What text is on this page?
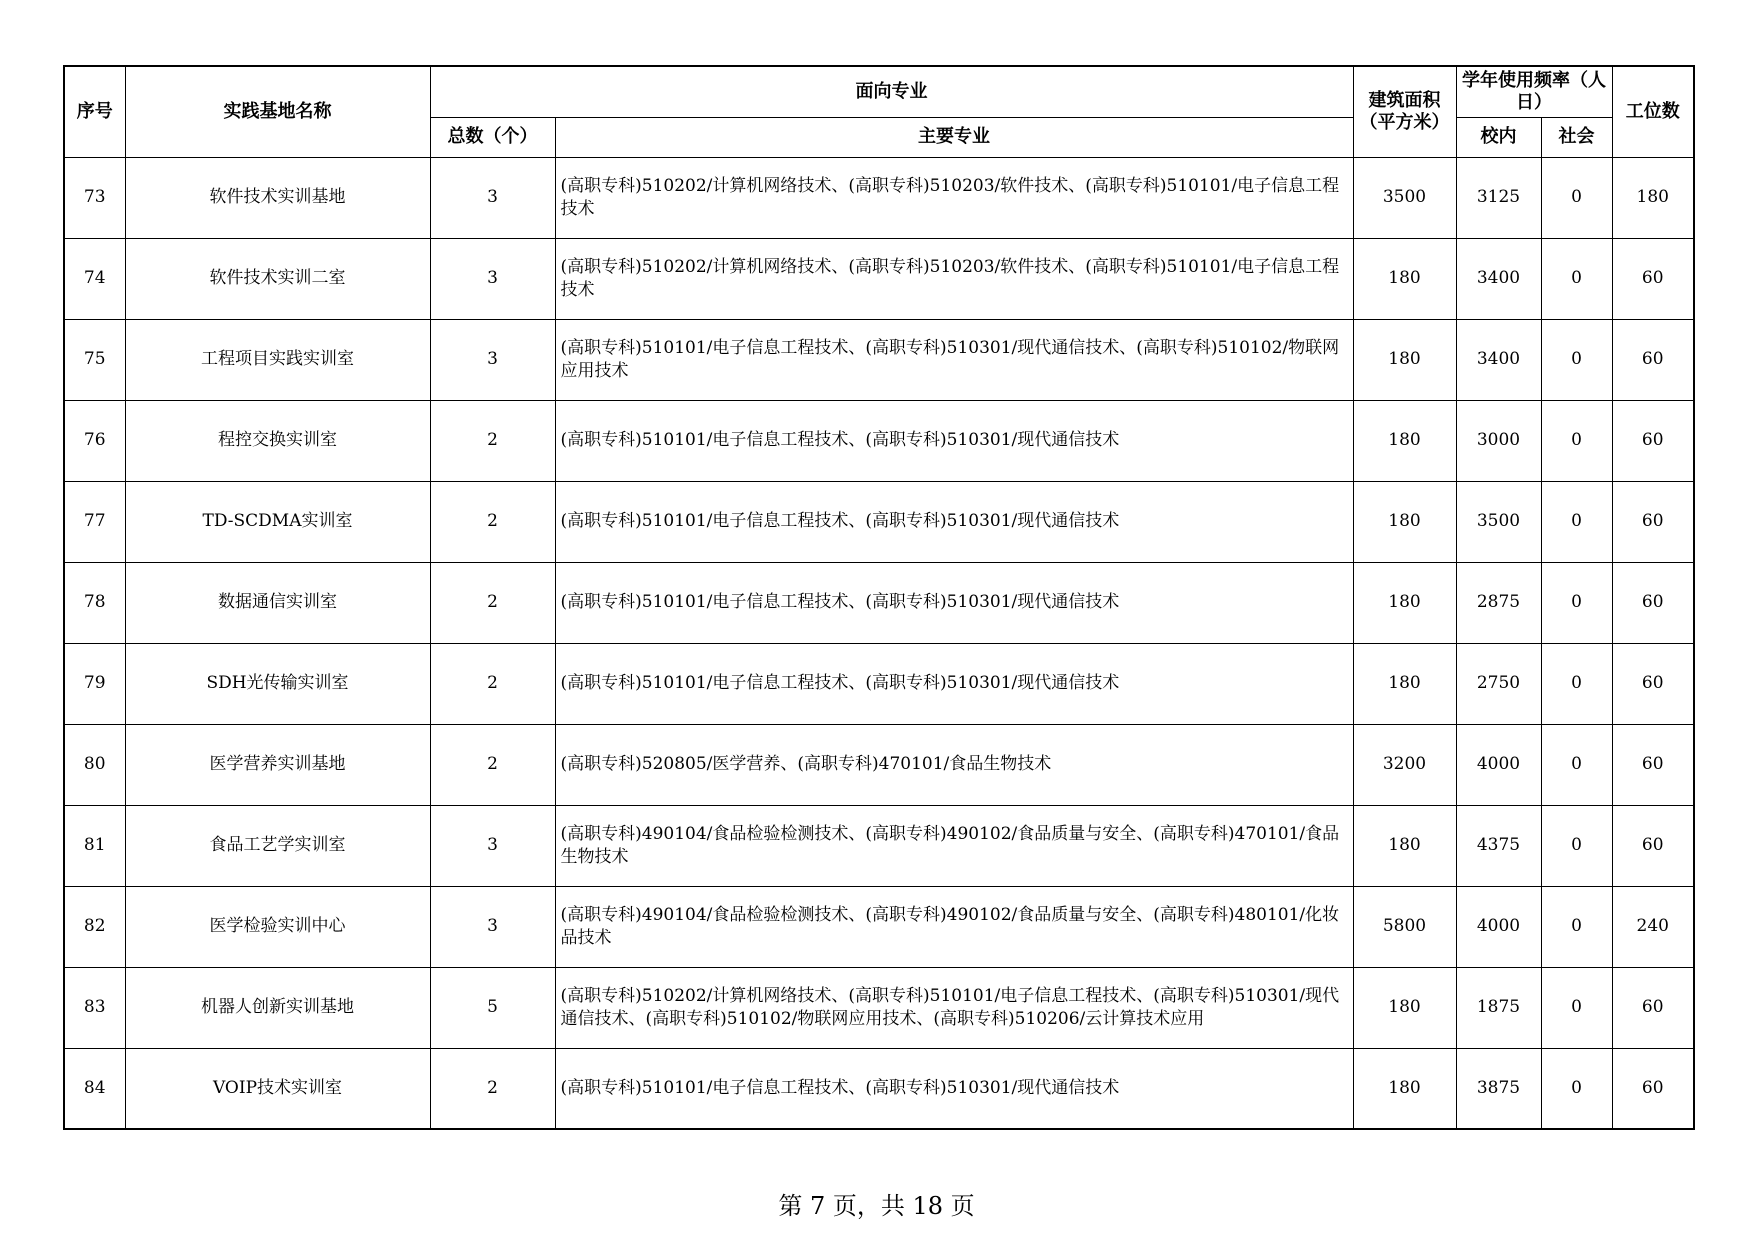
序号	实践基地名称	面向专业		建筑面积（平方米）	学年使用频率（人日）		工位数
		总数（个）	主要专业		校内	社会	
73	软件技术实训基地	3	(高职专科)510202/计算机网络技术、(高职专科)510203/软件技术、(高职专科)510101/电子信息工程技术	3500	3125	0	180
74	软件技术实训二室	3	(高职专科)510202/计算机网络技术、(高职专科)510203/软件技术、(高职专科)510101/电子信息工程技术	180	3400	0	60
75	工程项目实践实训室	3	(高职专科)510101/电子信息工程技术、(高职专科)510301/现代通信技术、(高职专科)510102/物联网应用技术	180	3400	0	60
76	程控交换实训室	2	(高职专科)510101/电子信息工程技术、(高职专科)510301/现代通信技术	180	3000	0	60
77	TD-SCDMA实训室	2	(高职专科)510101/电子信息工程技术、(高职专科)510301/现代通信技术	180	3500	0	60
78	数据通信实训室	2	(高职专科)510101/电子信息工程技术、(高职专科)510301/现代通信技术	180	2875	0	60
79	SDH光传输实训室	2	(高职专科)510101/电子信息工程技术、(高职专科)510301/现代通信技术	180	2750	0	60
80	医学营养实训基地	2	(高职专科)520805/医学营养、(高职专科)470101/食品生物技术	3200	4000	0	60
81	食品工艺学实训室	3	(高职专科)490104/食品检验检测技术、(高职专科)490102/食品质量与安全、(高职专科)470101/食品生物技术	180	4375	0	60
82	医学检验实训中心	3	(高职专科)490104/食品检验检测技术、(高职专科)490102/食品质量与安全、(高职专科)480101/化妆品技术	5800	4000	0	240
83	机器人创新实训基地	5	(高职专科)510202/计算机网络技术、(高职专科)510101/电子信息工程技术、(高职专科)510301/现代通信技术、(高职专科)510102/物联网应用技术、(高职专科)510206/云计算技术应用	180	1875	0	60
84	VOIP技术实训室	2	(高职专科)510101/电子信息工程技术、(高职专科)510301/现代通信技术	180	3875	0	60
第 7 页，共 18 页
